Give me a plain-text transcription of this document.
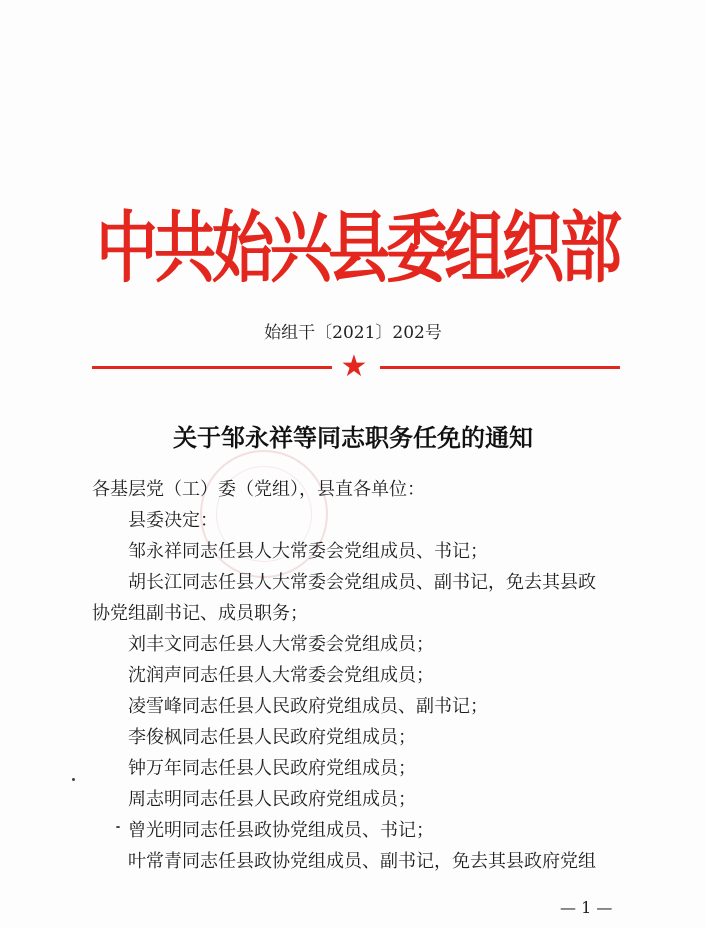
中共始兴县委组织部
始组干〔2021〕202号
★
关于邹永祥等同志职务任免的通知
各基层党（工）委（党组），县直各单位：
县委决定：
邹永祥同志任县人大常委会党组成员、书记；
胡长江同志任县人大常委会党组成员、副书记，免去其县政
协党组副书记、成员职务；
刘丰文同志任县人大常委会党组成员；
沈润声同志任县人大常委会党组成员；
凌雪峰同志任县人民政府党组成员、副书记；
李俊枫同志任县人民政府党组成员；
钟万年同志任县人民政府党组成员；
周志明同志任县人民政府党组成员；
曾光明同志任县政协党组成员、书记；
叶常青同志任县政协党组成员、副书记，免去其县政府党组
— 1 —
